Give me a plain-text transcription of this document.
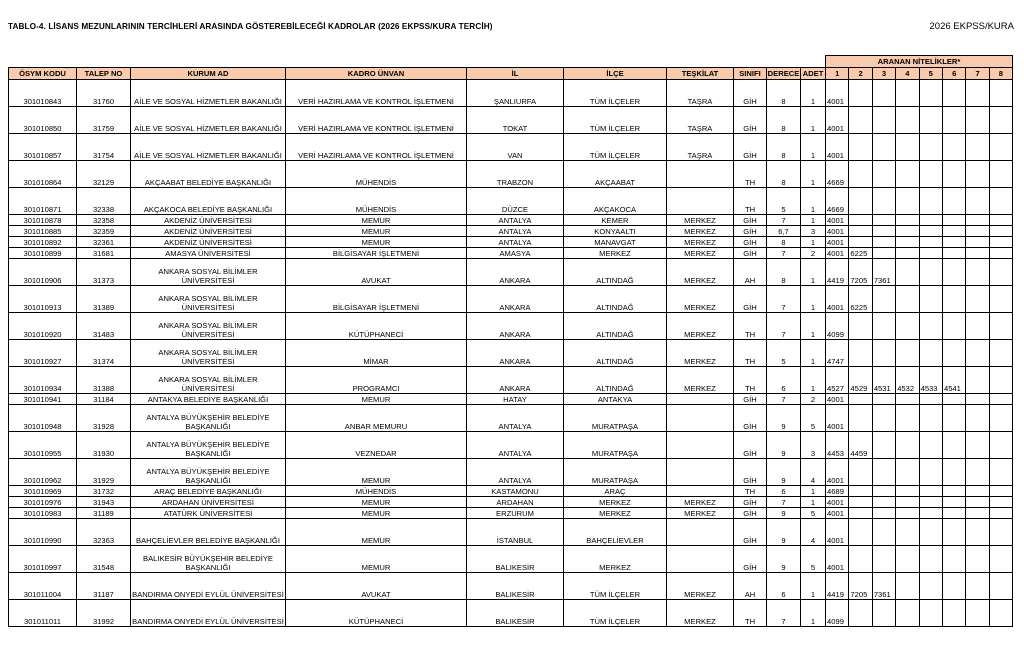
TABLO-4. LİSANS MEZUNLARININ TERCİHLERİ ARASINDA GÖSTEREBİLECEĞİ KADROLAR (2026 EKPSS/KURA TERCİH)	2026 EKPSS/KURA
										ARANAN NİTELİKLER*							
ÖSYM KODU	TALEP NO	KURUM AD	KADRO ÜNVAN	İL	İLÇE	TEŞKİLAT	SINIFI	DERECE	ADET	1	2	3	4	5	6	7	8
301010843	31760	AİLE VE SOSYAL HİZMETLER BAKANLIĞI	VERİ HAZIRLAMA VE KONTROL İŞLETMENİ	ŞANLIURFA	TÜM İLÇELER	TAŞRA	GİH	8	1	4001							
301010850	31759	AİLE VE SOSYAL HİZMETLER BAKANLIĞI	VERİ HAZIRLAMA VE KONTROL İŞLETMENİ	TOKAT	TÜM İLÇELER	TAŞRA	GİH	8	1	4001							
301010857	31754	AİLE VE SOSYAL HİZMETLER BAKANLIĞI	VERİ HAZIRLAMA VE KONTROL İŞLETMENİ	VAN	TÜM İLÇELER	TAŞRA	GİH	8	1	4001							
301010864	32129	AKÇAABAT BELEDİYE BAŞKANLIĞI	MÜHENDİS	TRABZON	AKÇAABAT		TH	8	1	4669							
301010871	32338	AKÇAKOCA BELEDİYE BAŞKANLIĞI	MÜHENDİS	DÜZCE	AKÇAKOCA		TH	5	1	4669							
301010878	32358	AKDENİZ ÜNİVERSİTESİ	MEMUR	ANTALYA	KEMER	MERKEZ	GİH	7	1	4001							
301010885	32359	AKDENİZ ÜNİVERSİTESİ	MEMUR	ANTALYA	KONYAALTI	MERKEZ	GİH	6,7	3	4001							
301010892	32361	AKDENİZ ÜNİVERSİTESİ	MEMUR	ANTALYA	MANAVGAT	MERKEZ	GİH	8	1	4001							
301010899	31681	AMASYA ÜNİVERSİTESİ	BİLGİSAYAR İŞLETMENİ	AMASYA	MERKEZ	MERKEZ	GİH	7	2	4001	6225						
301010906	31373	ANKARA SOSYAL BİLİMLER ÜNİVERSİTESİ	AVUKAT	ANKARA	ALTINDAĞ	MERKEZ	AH	8	1	4419	7205	7361					
301010913	31389	ANKARA SOSYAL BİLİMLER ÜNİVERSİTESİ	BİLGİSAYAR İŞLETMENİ	ANKARA	ALTINDAĞ	MERKEZ	GİH	7	1	4001	6225						
301010920	31483	ANKARA SOSYAL BİLİMLER ÜNİVERSİTESİ	KÜTÜPHANECİ	ANKARA	ALTINDAĞ	MERKEZ	TH	7	1	4099							
301010927	31374	ANKARA SOSYAL BİLİMLER ÜNİVERSİTESİ	MİMAR	ANKARA	ALTINDAĞ	MERKEZ	TH	5	1	4747							
301010934	31388	ANKARA SOSYAL BİLİMLER ÜNİVERSİTESİ	PROGRAMCI	ANKARA	ALTINDAĞ	MERKEZ	TH	6	1	4527	4529	4531	4532	4533	4541		
301010941	31184	ANTAKYA BELEDİYE BAŞKANLIĞI	MEMUR	HATAY	ANTAKYA		GİH	7	2	4001							
301010948	31928	ANTALYA BÜYÜKŞEHİR BELEDİYE BAŞKANLIĞI	ANBAR MEMURU	ANTALYA	MURATPAŞA		GİH	9	5	4001							
301010955	31930	ANTALYA BÜYÜKŞEHİR BELEDİYE BAŞKANLIĞI	VEZNEDAR	ANTALYA	MURATPAŞA		GİH	9	3	4453	4459						
301010962	31929	ANTALYA BÜYÜKŞEHİR BELEDİYE BAŞKANLIĞI	MEMUR	ANTALYA	MURATPAŞA		GİH	9	4	4001							
301010969	31732	ARAÇ BELEDİYE BAŞKANLIĞI	MÜHENDİS	KASTAMONU	ARAÇ		TH	6	1	4689							
301010976	31943	ARDAHAN ÜNİVERSİTESİ	MEMUR	ARDAHAN	MERKEZ	MERKEZ	GİH	7	1	4001							
301010983	31189	ATATÜRK ÜNİVERSİTESİ	MEMUR	ERZURUM	MERKEZ	MERKEZ	GİH	9	5	4001							
301010990	32363	BAHÇELİEVLER BELEDİYE BAŞKANLIĞI	MEMUR	İSTANBUL	BAHÇELİEVLER		GİH	9	4	4001							
301010997	31548	BALIKESİR BÜYÜKŞEHİR BELEDİYE BAŞKANLIĞI	MEMUR	BALIKESİR	MERKEZ		GİH	9	5	4001							
301011004	31187	BANDIRMA ONYEDİ EYLÜL ÜNİVERSİTESİ	AVUKAT	BALIKESİR	TÜM İLÇELER	MERKEZ	AH	6	1	4419	7205	7361					
301011011	31992	BANDIRMA ONYEDİ EYLÜL ÜNİVERSİTESİ	KÜTÜPHANECİ	BALIKESİR	TÜM İLÇELER	MERKEZ	TH	7	1	4099							
